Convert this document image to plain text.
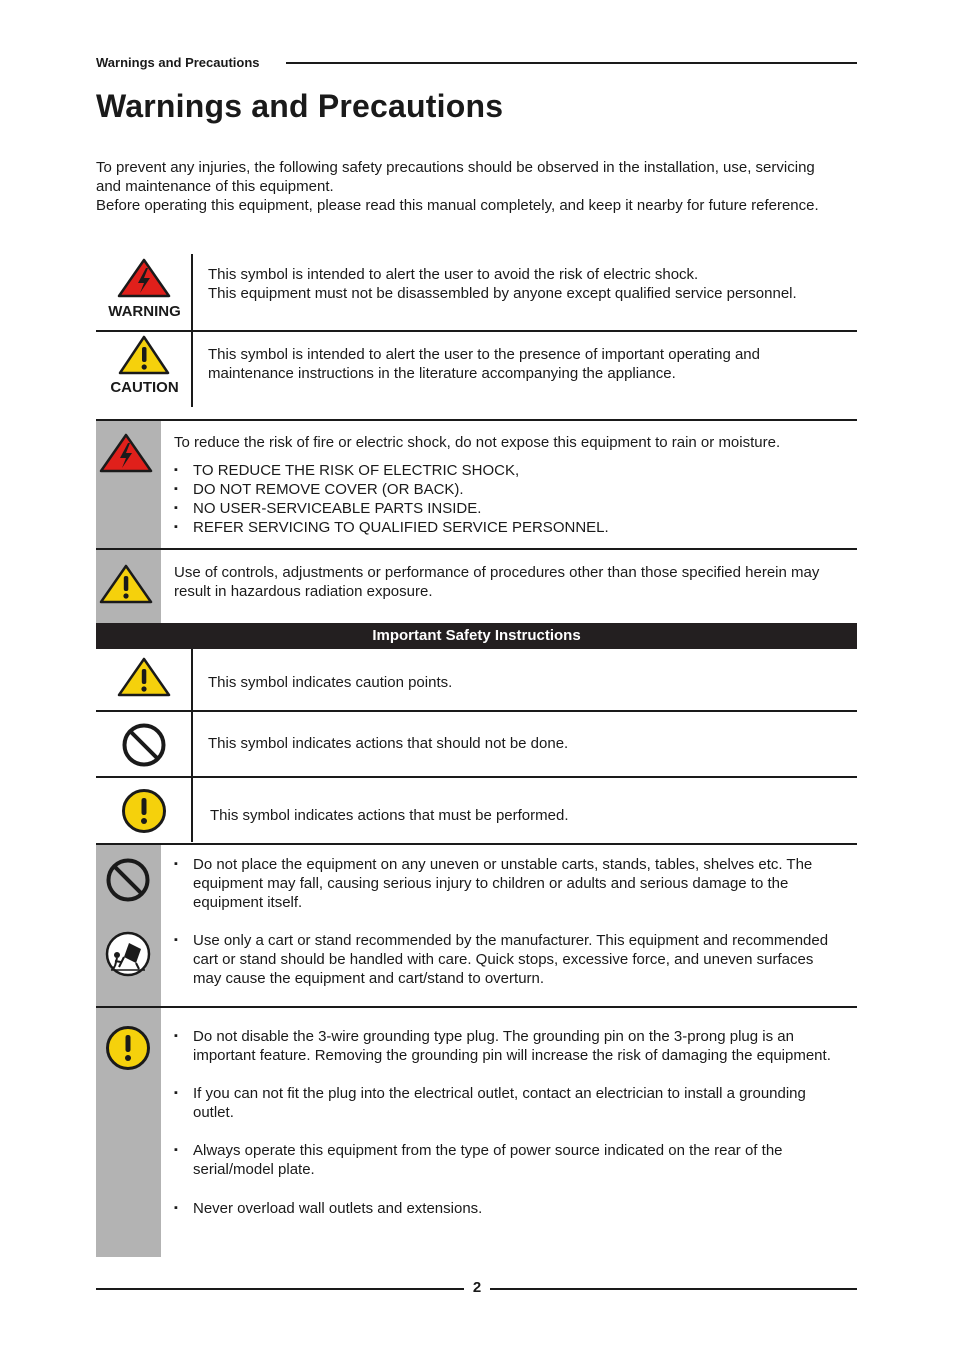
Warnings and Precautions
Warnings and Precautions

To prevent any injuries, the following safety precautions should be observed in the installation, use, servicing and maintenance of this equipment.

Before operating this equipment, please read this manual completely, and keep it nearby for future reference.

WARNING

This symbol is intended to alert the user to avoid the risk of electric shock.

This equipment must not be disassembled by anyone except qualified service personnel.

CAUTION
This symbol is intended to alert the user to the presence of important operating and maintenance instructions in the literature accompanying the appliance.

To reduce the risk of fire or electric shock, do not expose this equipment to rain or moisture.

▪ TO REDUCE THE RISK OF ELECTRIC SHOCK,
▪ DO NOT REMOVE COVER (OR BACK).
▪ NO USER-SERVICEABLE PARTS INSIDE.
▪ REFER SERVICING TO QUALIFIED SERVICE PERSONNEL.
Use of controls, adjustments or performance of procedures other than those specified herein may result in hazardous radiation exposure.
Important Safety Instructions
This symbol indicates caution points.
This symbol indicates actions that should not be done.
This symbol indicates actions that must be performed.
▪ Do not place the equipment on any uneven or unstable carts, stands, tables, shelves etc. The equipment may fall, causing serious injury to children or adults and serious damage to the equipment itself.
▪ Use only a cart or stand recommended by the manufacturer. This equipment and recommended cart or stand should be handled with care. Quick stops, excessive force, and uneven surfaces may cause the equipment and cart/stand to overturn.
▪ Do not disable the 3-wire grounding type plug. The grounding pin on the 3-prong plug is an important feature. Removing the grounding pin will increase the risk of damaging the equipment.
▪ If you can not fit the plug into the electrical outlet, contact an electrician to install a grounding outlet.
▪ Always operate this equipment from the type of power source indicated on the rear of the serial/model plate.
▪ Never overload wall outlets and extensions.
2
